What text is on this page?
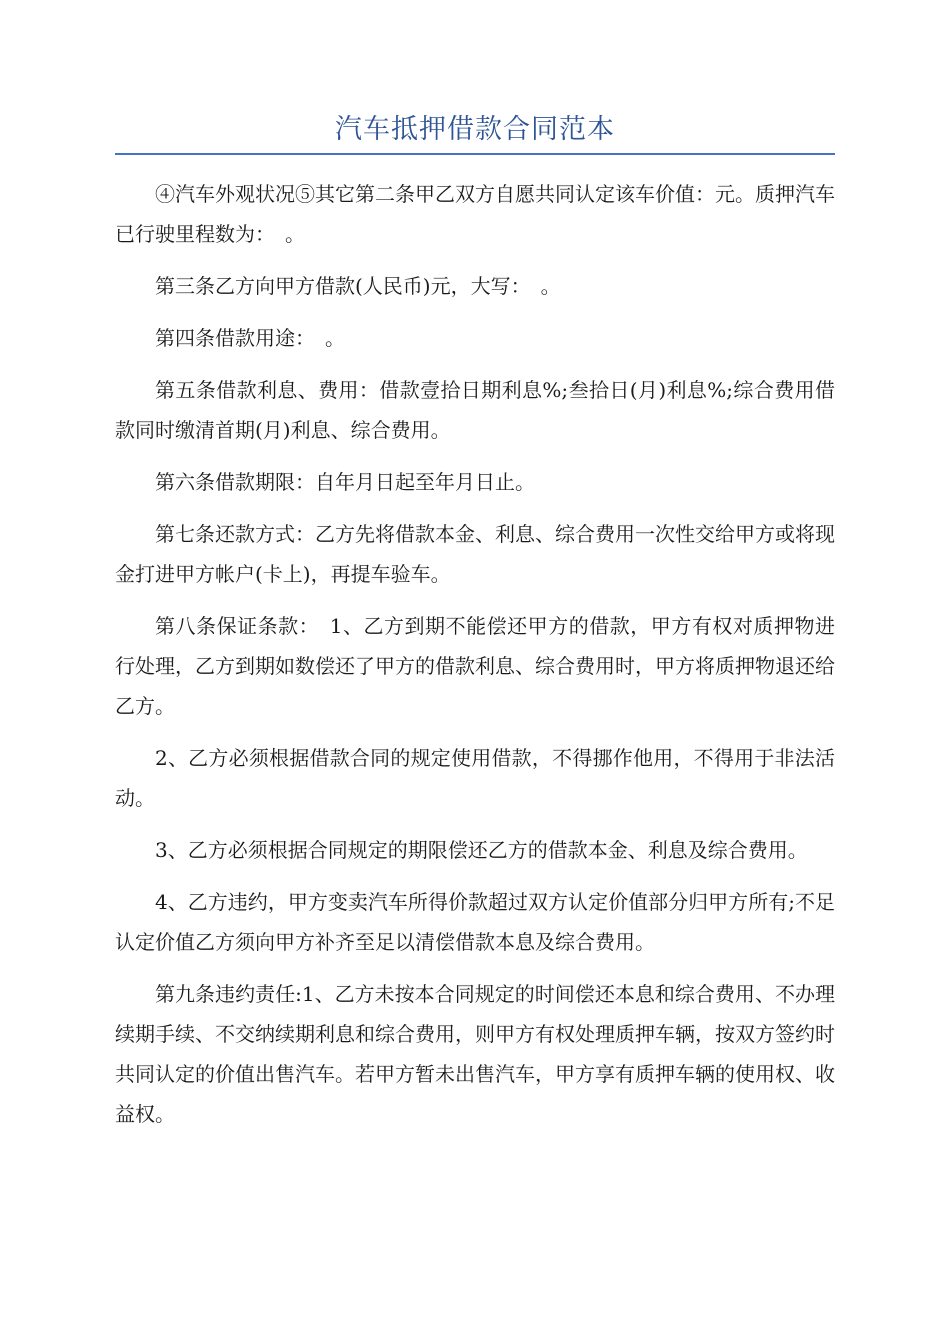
汽车抵押借款合同范本

④汽车外观状况⑤其它第二条甲乙双方自愿共同认定该车价值：元。质押汽车已行驶里程数为：　。

第三条乙方向甲方借款(人民币)元，大写：　。

第四条借款用途：　。

第五条借款利息、费用：借款壹拾日期利息%;叁拾日(月)利息%;综合费用借款同时缴清首期(月)利息、综合费用。

第六条借款期限：自年月日起至年月日止。

第七条还款方式：乙方先将借款本金、利息、综合费用一次性交给甲方或将现金打进甲方帐户(卡上)，再提车验车。

第八条保证条款：　1、乙方到期不能偿还甲方的借款，甲方有权对质押物进行处理，乙方到期如数偿还了甲方的借款利息、综合费用时，甲方将质押物退还给乙方。

2、乙方必须根据借款合同的规定使用借款，不得挪作他用，不得用于非法活动。

3、乙方必须根据合同规定的期限偿还乙方的借款本金、利息及综合费用。

4、乙方违约，甲方变卖汽车所得价款超过双方认定价值部分归甲方所有;不足认定价值乙方须向甲方补齐至足以清偿借款本息及综合费用。

第九条违约责任:1、乙方未按本合同规定的时间偿还本息和综合费用、不办理续期手续、不交纳续期利息和综合费用，则甲方有权处理质押车辆，按双方签约时共同认定的价值出售汽车。若甲方暂未出售汽车，甲方享有质押车辆的使用权、收益权。
